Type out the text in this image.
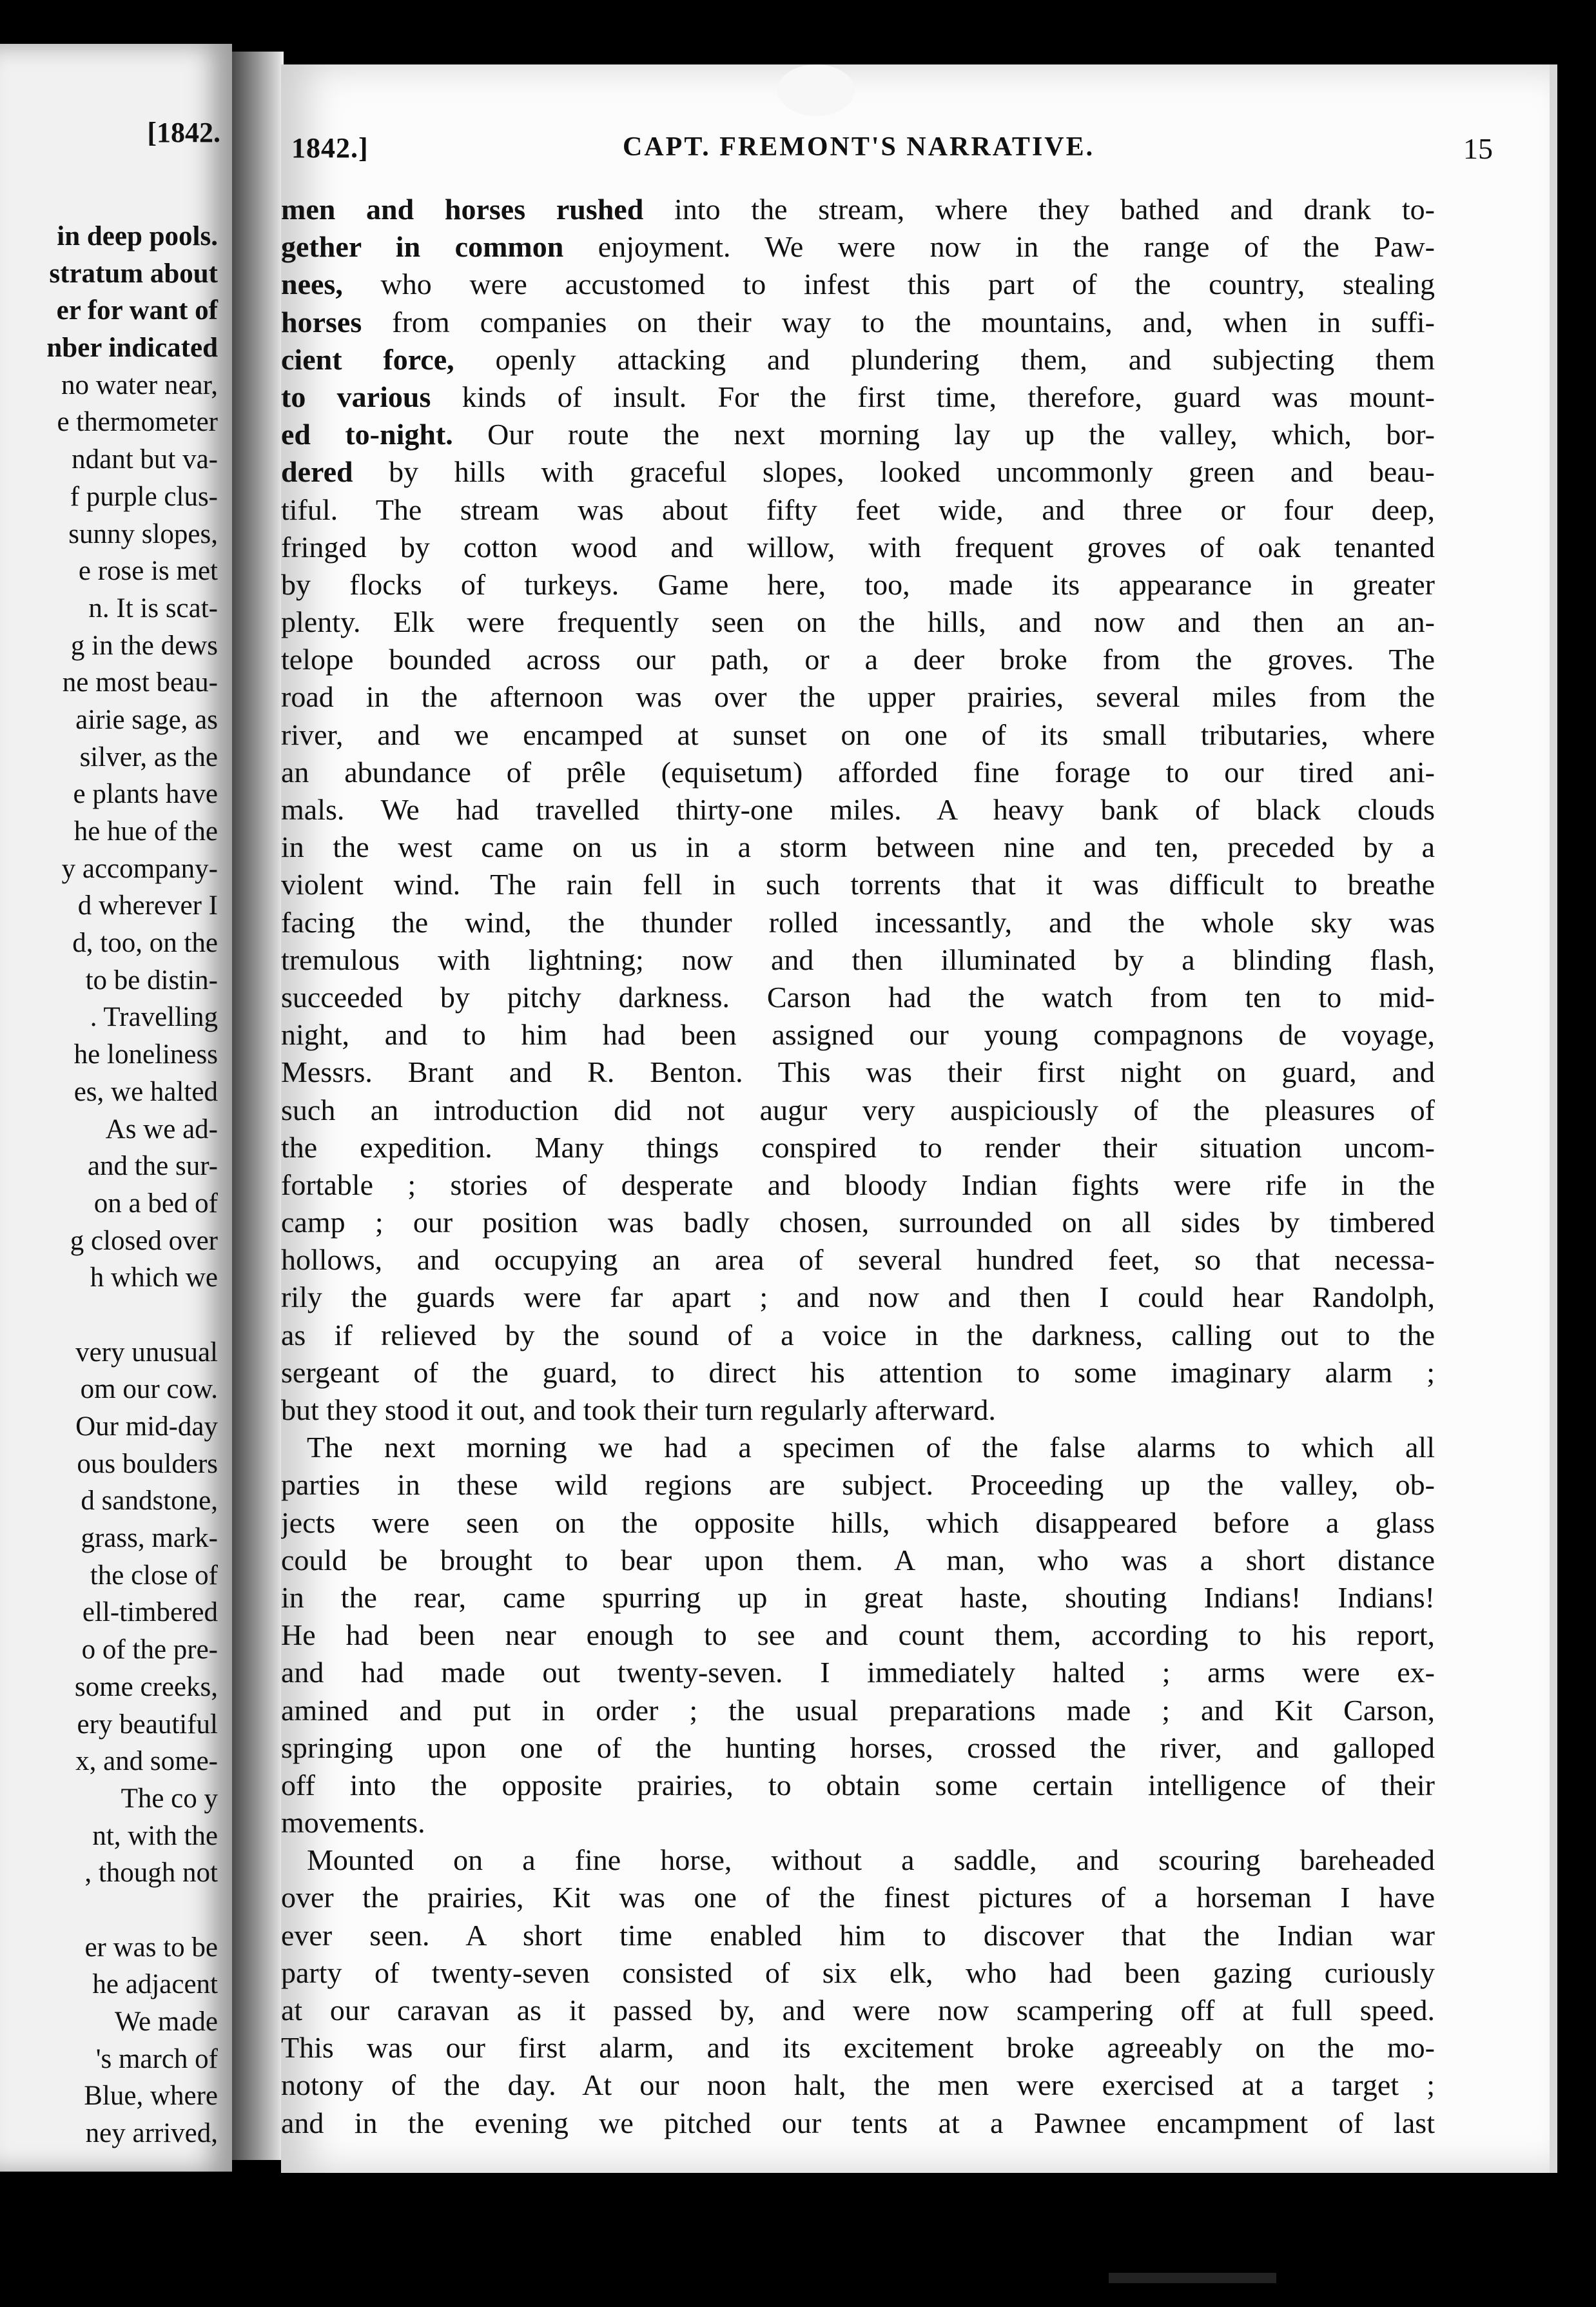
[1842.
in deep pools.
stratum about
er for want of
nber indicated
no water near,
e thermometer
ndant but va-
f purple clus-
sunny slopes,
e rose is met
n. It is scat-
g in the dews
ne most beau-
airie sage, as
silver, as the
e plants have
he hue of the
y accompany-
d wherever I
d, too, on the
to be distin-
. Travelling
he loneliness
es, we halted
As we ad-
and the sur-
on a bed of
g closed over
h which we
very unusual
om our cow.
Our mid-day
ous boulders
d sandstone,
grass, mark-
the close of
ell-timbered
o of the pre-
some creeks,
ery beautiful
x, and some-
The co y
nt, with the
, though not
er was to be
he adjacent
We made
's march of
Blue, where
ney arrived,
1842.]	CAPT. FREMONT'S NARRATIVE.	15
men and horses rushed into the stream, where they bathed and drank to-
gether in common enjoyment. We were now in the range of the Paw-
nees, who were accustomed to infest this part of the country, stealing
horses from companies on their way to the mountains, and, when in suffi-
cient force, openly attacking and plundering them, and subjecting them
to various kinds of insult. For the first time, therefore, guard was mount-
ed to-night. Our route the next morning lay up the valley, which, bor-
dered by hills with graceful slopes, looked uncommonly green and beau-
tiful. The stream was about fifty feet wide, and three or four deep,
fringed by cotton wood and willow, with frequent groves of oak tenanted
by flocks of turkeys. Game here, too, made its appearance in greater
plenty. Elk were frequently seen on the hills, and now and then an an-
telope bounded across our path, or a deer broke from the groves. The
road in the afternoon was over the upper prairies, several miles from the
river, and we encamped at sunset on one of its small tributaries, where
an abundance of prêle (equisetum) afforded fine forage to our tired ani-
mals. We had travelled thirty-one miles. A heavy bank of black clouds
in the west came on us in a storm between nine and ten, preceded by a
violent wind. The rain fell in such torrents that it was difficult to breathe
facing the wind, the thunder rolled incessantly, and the whole sky was
tremulous with lightning; now and then illuminated by a blinding flash,
succeeded by pitchy darkness. Carson had the watch from ten to mid-
night, and to him had been assigned our young compagnons de voyage,
Messrs. Brant and R. Benton. This was their first night on guard, and
such an introduction did not augur very auspiciously of the pleasures of
the expedition. Many things conspired to render their situation uncom-
fortable ; stories of desperate and bloody Indian fights were rife in the
camp ; our position was badly chosen, surrounded on all sides by timbered
hollows, and occupying an area of several hundred feet, so that necessa-
rily the guards were far apart ; and now and then I could hear Randolph,
as if relieved by the sound of a voice in the darkness, calling out to the
sergeant of the guard, to direct his attention to some imaginary alarm ;
but they stood it out, and took their turn regularly afterward.
The next morning we had a specimen of the false alarms to which all
parties in these wild regions are subject. Proceeding up the valley, ob-
jects were seen on the opposite hills, which disappeared before a glass
could be brought to bear upon them. A man, who was a short distance
in the rear, came spurring up in great haste, shouting Indians! Indians!
He had been near enough to see and count them, according to his report,
and had made out twenty-seven. I immediately halted ; arms were ex-
amined and put in order ; the usual preparations made ; and Kit Carson,
springing upon one of the hunting horses, crossed the river, and galloped
off into the opposite prairies, to obtain some certain intelligence of their
movements.
Mounted on a fine horse, without a saddle, and scouring bareheaded
over the prairies, Kit was one of the finest pictures of a horseman I have
ever seen. A short time enabled him to discover that the Indian war
party of twenty-seven consisted of six elk, who had been gazing curiously
at our caravan as it passed by, and were now scampering off at full speed.
This was our first alarm, and its excitement broke agreeably on the mo-
notony of the day. At our noon halt, the men were exercised at a target ;
and in the evening we pitched our tents at a Pawnee encampment of last
